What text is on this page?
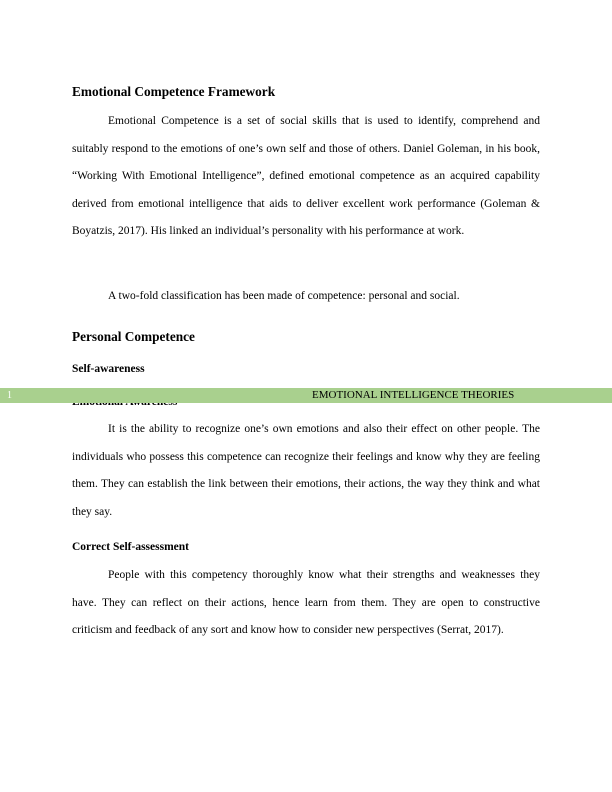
Emotional Competence Framework

Emotional Competence is a set of social skills that is used to identify, comprehend and suitably respond to the emotions of one’s own self and those of others. Daniel Goleman, in his book, “Working With Emotional Intelligence”, defined emotional competence as an acquired capability derived from emotional intelligence that aids to deliver excellent work performance (Goleman & Boyatzis, 2017). His linked an individual’s personality with his performance at work.

A two-fold classification has been made of competence: personal and social.

Personal Competence
Self-awareness

It is the ability to recognize one’s own emotions and also their effect on other people. The individuals who possess this competence can recognize their feelings and know why they are feeling them. They can establish the link between their emotions, their actions, the way they think and what they say.

Correct Self-assessment

People with this competency thoroughly know what their strengths and weaknesses they have. They can reflect on their actions, hence learn from them. They are open to constructive criticism and feedback of any sort and know how to consider new perspectives (Serrat, 2017).

1	EMOTIONAL INTELLIGENCE THEORIES
